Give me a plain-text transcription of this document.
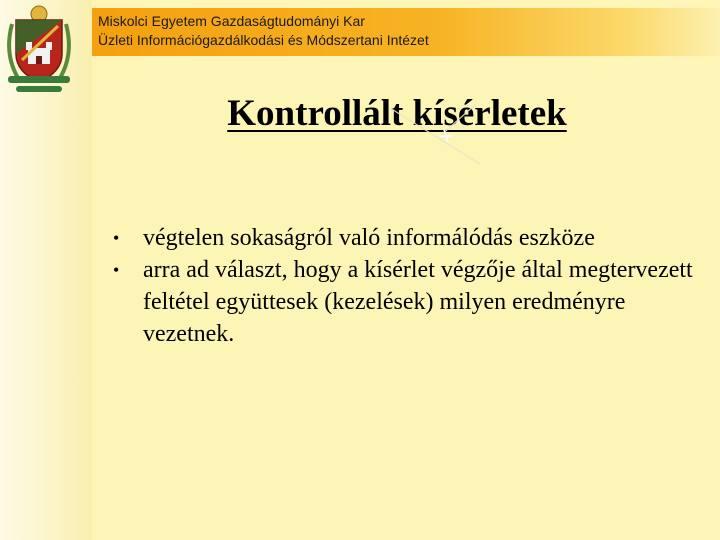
Miskolci Egyetem Gazdaságtudományi Kar
Üzleti Információgazdálkodási és Módszertani Intézet
Kontrollált kísérletek
• végtelen sokaságról való informálódás eszköze
• arra ad választ, hogy a kísérlet végzője által megtervezett feltétel együttesek (kezelések) milyen eredményre vezetnek.
